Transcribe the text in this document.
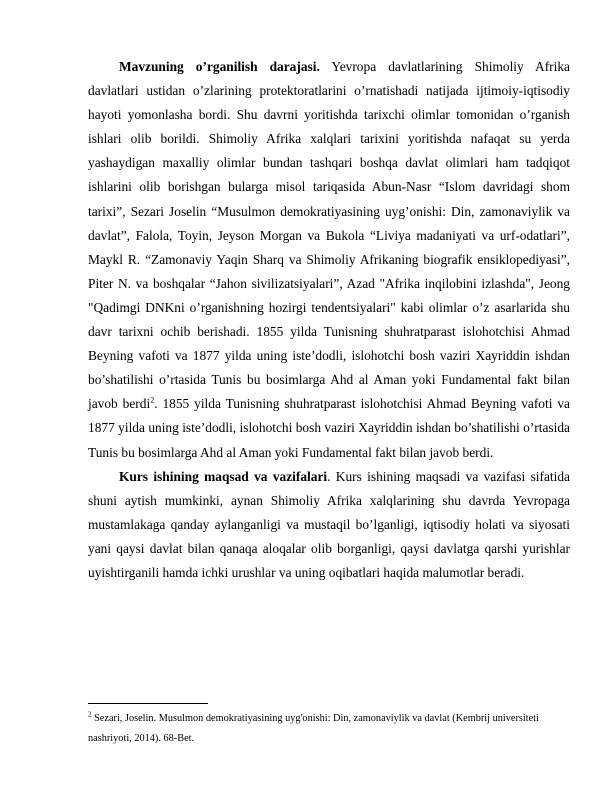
Mavzuning o’rganilish darajasi. Yevropa davlatlarining Shimoliy Afrika davlatlari ustidan o’zlarining protektoratlarini o’rnatishadi natijada ijtimoiy-iqtisodiy hayoti yomonlasha bordi. Shu davrni yoritishda tarixchi olimlar tomonidan o’rganish ishlari olib borildi. Shimoliy Afrika xalqlari tarixini yoritishda nafaqat su yerda yashaydigan maxalliy olimlar bundan tashqari boshqa davlat olimlari ham tadqiqot ishlarini olib borishgan bularga misol tariqasida Abun-Nasr “Islom davridagi shom tarixi”, Sezari Joselin “Musulmon demokratiyasining uyg’onishi: Din, zamonaviylik va davlat”, Falola, Toyin, Jeyson Morgan va Bukola “Liviya madaniyati va urf-odatlari”, Maykl R. “Zamonaviy Yaqin Sharq va Shimoliy Afrikaning biografik ensiklopediyasi”, Piter N. va boshqalar “Jahon sivilizatsiyalari”, Azad "Afrika inqilobini izlashda", Jeong "Qadimgi DNKni o’rganishning hozirgi tendentsiyalari" kabi olimlar o’z asarlarida shu davr tarixni ochib berishadi. 1855 yilda Tunisning shuhratparast islohotchisi Ahmad Beyning vafoti va 1877 yilda uning iste’dodli, islohotchi bosh vaziri Xayriddin ishdan bo’shatilishi o’rtasida Tunis bu bosimlarga Ahd al Aman yoki Fundamental fakt bilan javob berdi$^2$. 1855 yilda Tunisning shuhratparast islohotchisi Ahmad Beyning vafoti va 1877 yilda uning iste’dodli, islohotchi bosh vaziri Xayriddin ishdan bo’shatilishi o’rtasida Tunis bu bosimlarga Ahd al Aman yoki Fundamental fakt bilan javob berdi.

Kurs ishining maqsad va vazifalari. Kurs ishining maqsadi va vazifasi sifatida shuni aytish mumkinki, aynan Shimoliy Afrika xalqlarining shu davrda Yevropaga mustamlakaga qanday aylanganligi va mustaqil bo’lganligi, iqtisodiy holati va siyosati yani qaysi davlat bilan qanaqa aloqalar olib borganligi, qaysi davlatga qarshi yurishlar uyishtirganili hamda ichki urushlar va uning oqibatlari haqida malumotlar beradi.

$^2$ Sezari, Joselin. Musulmon demokratiyasining uyg'onishi: Din, zamonaviylik va davlat (Kembrij universiteti nashriyoti, 2014). 68-Bet.
